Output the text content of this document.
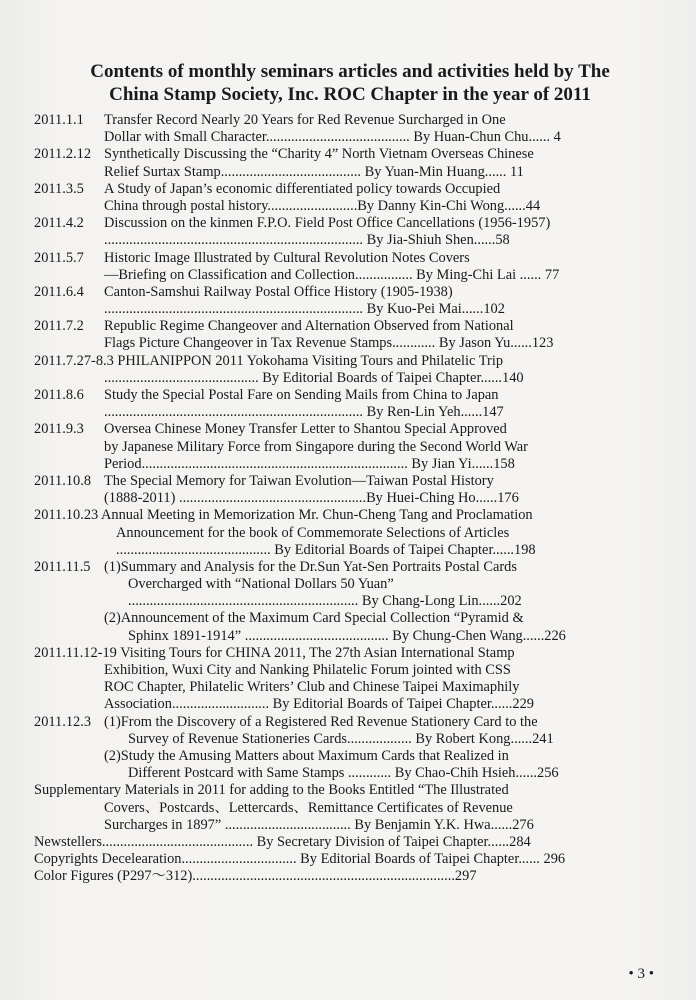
Contents of monthly seminars articles and activities held by The
China Stamp Society, Inc. ROC Chapter in the year of 2011
2011.1.1 Transfer Record Nearly 20 Years for Red Revenue Surcharged in One
Dollar with Small Character........................................ By Huan-Chun Chu...... 4
2011.2.12 Synthetically Discussing the “Charity 4” North Vietnam Overseas Chinese
Relief Surtax Stamp....................................... By Yuan-Min Huang...... 11
2011.3.5 A Study of Japan’s economic differentiated policy towards Occupied
China through postal history.........................By Danny Kin-Chi Wong......44
2011.4.2 Discussion on the kinmen F.P.O. Field Post Office Cancellations (1956-1957)
........................................................................ By Jia-Shiuh Shen......58
2011.5.7 Historic Image Illustrated by Cultural Revolution Notes Covers
—Briefing on Classification and Collection................ By Ming-Chi Lai ...... 77
2011.6.4 Canton-Samshui Railway Postal Office History (1905-1938)
........................................................................ By Kuo-Pei Mai......102
2011.7.2 Republic Regime Changeover and Alternation Observed from National
Flags Picture Changeover in Tax Revenue Stamps............ By Jason Yu......123
2011.7.27-8.3 PHILANIPPON 2011 Yokohama Visiting Tours and Philatelic Trip
........................................... By Editorial Boards of Taipei Chapter......140
2011.8.6 Study the Special Postal Fare on Sending Mails from China to Japan
........................................................................ By Ren-Lin Yeh......147
2011.9.3 Oversea Chinese Money Transfer Letter to Shantou Special Approved
by Japanese Military Force from Singapore during the Second World War
Period.......................................................................... By Jian Yi......158
2011.10.8 The Special Memory for Taiwan Evolution—Taiwan Postal History
(1888-2011) ....................................................By Huei-Ching Ho......176
2011.10.23 Annual Meeting in Memorization Mr. Chun-Cheng Tang and Proclamation
Announcement for the book of Commemorate Selections of Articles
........................................... By Editorial Boards of Taipei Chapter......198
2011.11.5 (1)Summary and Analysis for the Dr.Sun Yat-Sen Portraits Postal Cards
Overcharged with “National Dollars 50 Yuan”
................................................................ By Chang-Long Lin......202
(2)Announcement of the Maximum Card Special Collection “Pyramid &
Sphinx 1891-1914” ........................................ By Chung-Chen Wang......226
2011.11.12-19 Visiting Tours for CHINA 2011, The 27th Asian International Stamp
Exhibition, Wuxi City and Nanking Philatelic Forum jointed with CSS
ROC Chapter, Philatelic Writers’ Club and Chinese Taipei Maximaphily
Association........................... By Editorial Boards of Taipei Chapter......229
2011.12.3 (1)From the Discovery of a Registered Red Revenue Stationery Card to the
Survey of Revenue Stationeries Cards.................. By Robert Kong......241
(2)Study the Amusing Matters about Maximum Cards that Realized in
Different Postcard with Same Stamps ............ By Chao-Chih Hsieh......256
Supplementary Materials in 2011 for adding to the Books Entitled “The Illustrated
Covers、Postcards、Lettercards、Remittance Certificates of Revenue
Surcharges in 1897” ................................... By Benjamin Y.K. Hwa......276
Newstellers.......................................... By Secretary Division of Taipei Chapter......284
Copyrights Decelearation................................ By Editorial Boards of Taipei Chapter...... 296
Color Figures (P297～312).........................................................................297
• 3 •
